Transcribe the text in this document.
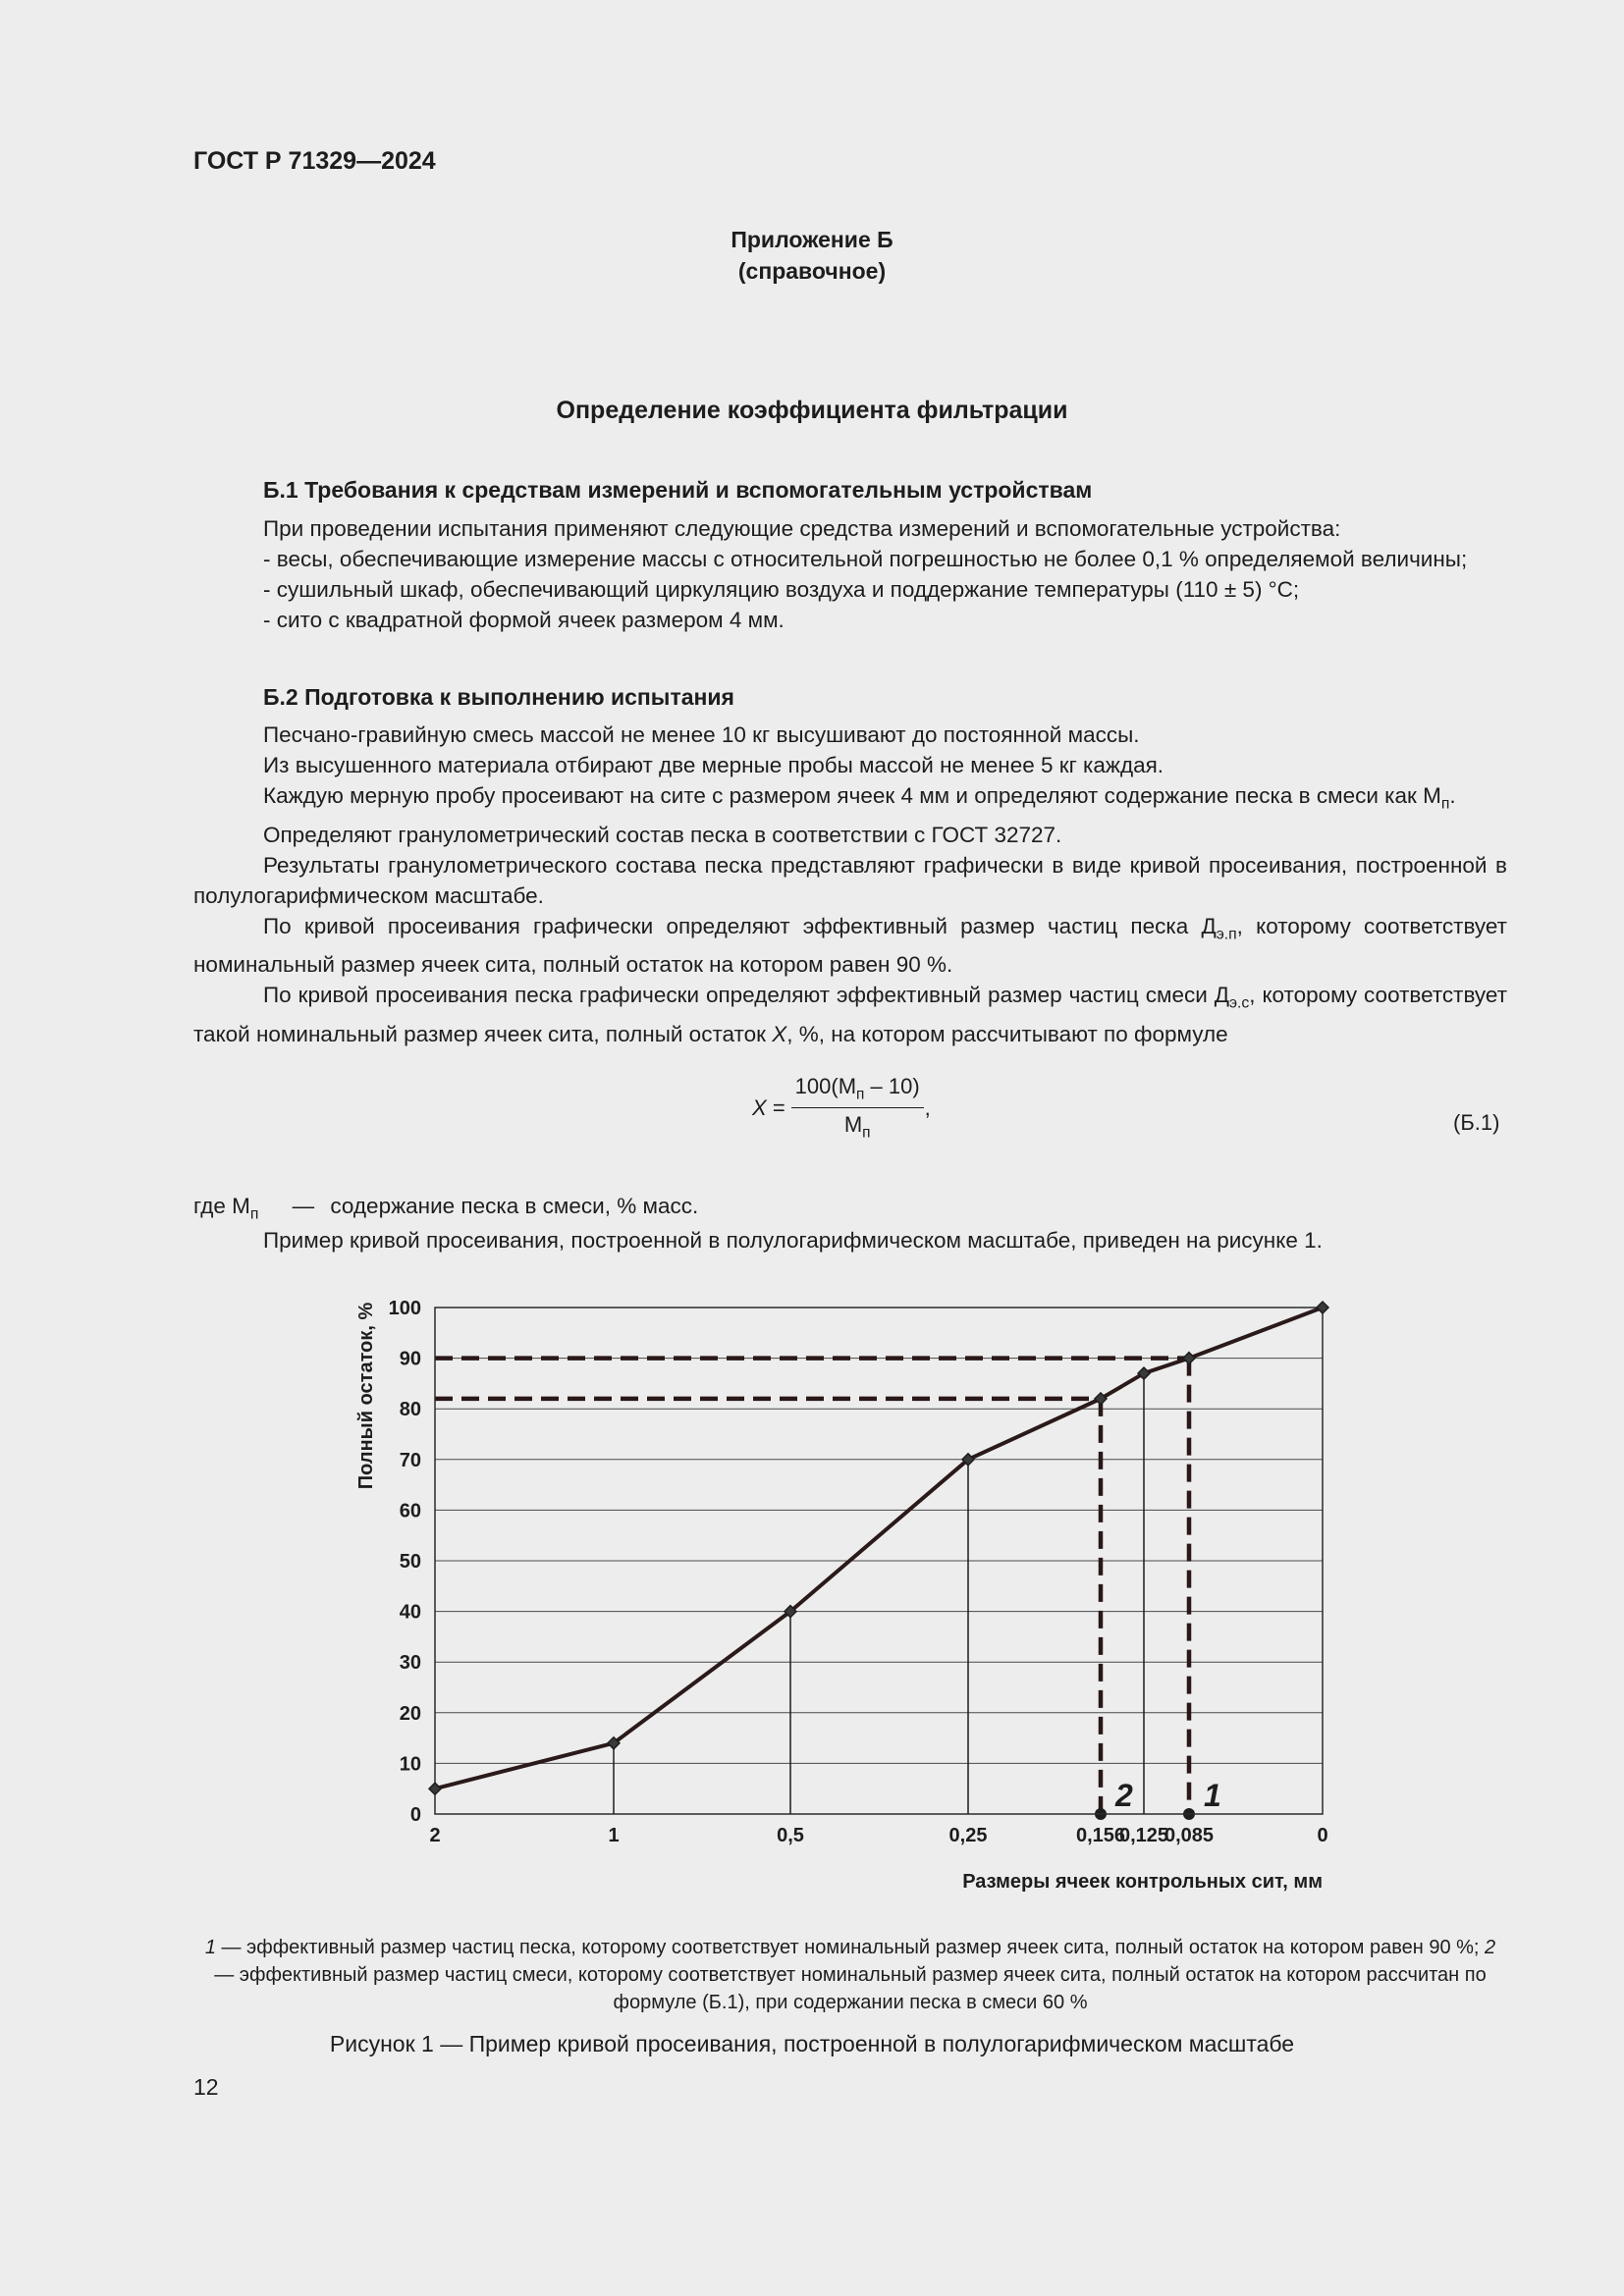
ГОСТ Р 71329—2024
Приложение Б
(справочное)
Определение коэффициента фильтрации
Б.1 Требования к средствам измерений и вспомогательным устройствам

При проведении испытания применяют следующие средства измерений и вспомогательные устройства:

- весы, обеспечивающие измерение массы с относительной погрешностью не более 0,1 % определяемой величины;

- сушильный шкаф, обеспечивающий циркуляцию воздуха и поддержание температуры (110 ± 5) °С;

- сито с квадратной формой ячеек размером 4 мм.

Б.2 Подготовка к выполнению испытания

Песчано-гравийную смесь массой не менее 10 кг высушивают до постоянной массы.

Из высушенного материала отбирают две мерные пробы массой не менее 5 кг каждая.

Каждую мерную пробу просеивают на сите с размером ячеек 4 мм и определяют содержание песка в смеси как $М_п$.

Определяют гранулометрический состав песка в соответствии с ГОСТ 32727.

Результаты гранулометрического состава песка представляют графически в виде кривой просеивания, построенной в полулогарифмическом масштабе.

По кривой просеивания графически определяют эффективный размер частиц песка $Д_{э.п}$, которому соответствует номинальный размер ячеек сита, полный остаток на котором равен 90 %.

По кривой просеивания песка графически определяют эффективный размер частиц смеси $Д_{э.с}$, которому соответствует такой номинальный размер ячеек сита, полный остаток X, %, на котором рассчитывают по формуле

X =	$100(М_п - 10)$	,
$М_п$	(Б.1)
где $М_п$ — содержание песка в смеси, % масс.
Пример кривой просеивания, построенной в полулогарифмическом масштабе, приведен на рисунке 1.
0
10
20
30
40
50
60
70
80
90
100
2	1	0,5	0,25	0,156
0,125
0,085	0
1
2
Полный остаток, %
Размеры ячеек контрольных сит, мм
1 — эффективный размер частиц песка, которому соответствует номинальный размер ячеек сита, полный остаток на котором равен 90 %; 2 — эффективный размер частиц смеси, которому соответствует номинальный размер ячеек сита, полный остаток на котором рассчитан по формуле (Б.1), при содержании песка в смеси 60 %
Рисунок 1 — Пример кривой просеивания, построенной в полулогарифмическом масштабе
12
